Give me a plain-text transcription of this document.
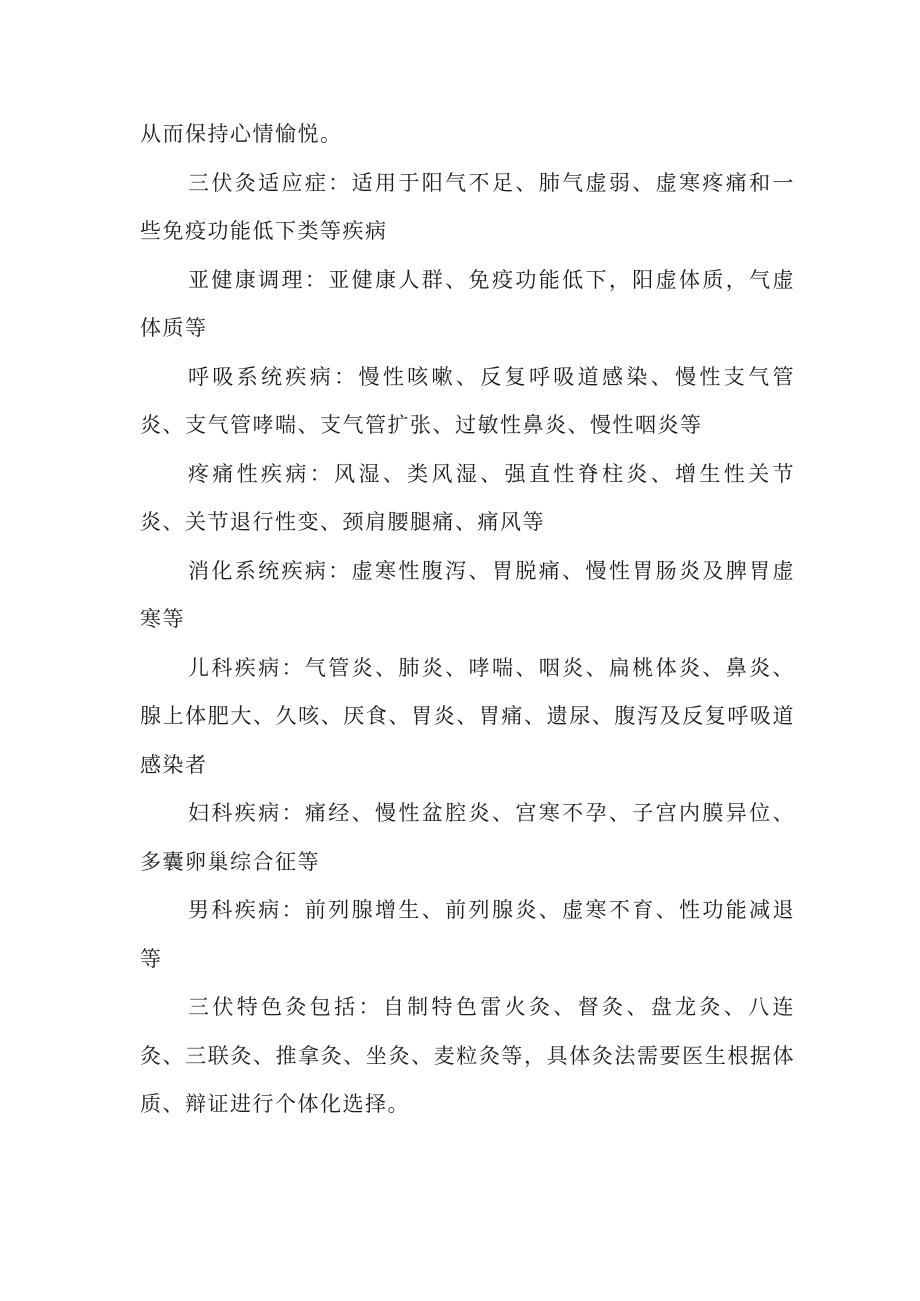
从而保持心情愉悦。

三伏灸适应症：适用于阳气不足、肺气虚弱、虚寒疼痛和一些免疫功能低下类等疾病

亚健康调理：亚健康人群、免疫功能低下，阳虚体质，气虚体质等

呼吸系统疾病：慢性咳嗽、反复呼吸道感染、慢性支气管炎、支气管哮喘、支气管扩张、过敏性鼻炎、慢性咽炎等

疼痛性疾病：风湿、类风湿、强直性脊柱炎、增生性关节炎、关节退行性变、颈肩腰腿痛、痛风等

消化系统疾病：虚寒性腹泻、胃脱痛、慢性胃肠炎及脾胃虚寒等

儿科疾病：气管炎、肺炎、哮喘、咽炎、扁桃体炎、鼻炎、腺上体肥大、久咳、厌食、胃炎、胃痛、遗尿、腹泻及反复呼吸道感染者

妇科疾病：痛经、慢性盆腔炎、宫寒不孕、子宫内膜异位、多囊卵巢综合征等

男科疾病：前列腺增生、前列腺炎、虚寒不育、性功能减退等

三伏特色灸包括：自制特色雷火灸、督灸、盘龙灸、八连灸、三联灸、推拿灸、坐灸、麦粒灸等，具体灸法需要医生根据体质、辩证进行个体化选择。
